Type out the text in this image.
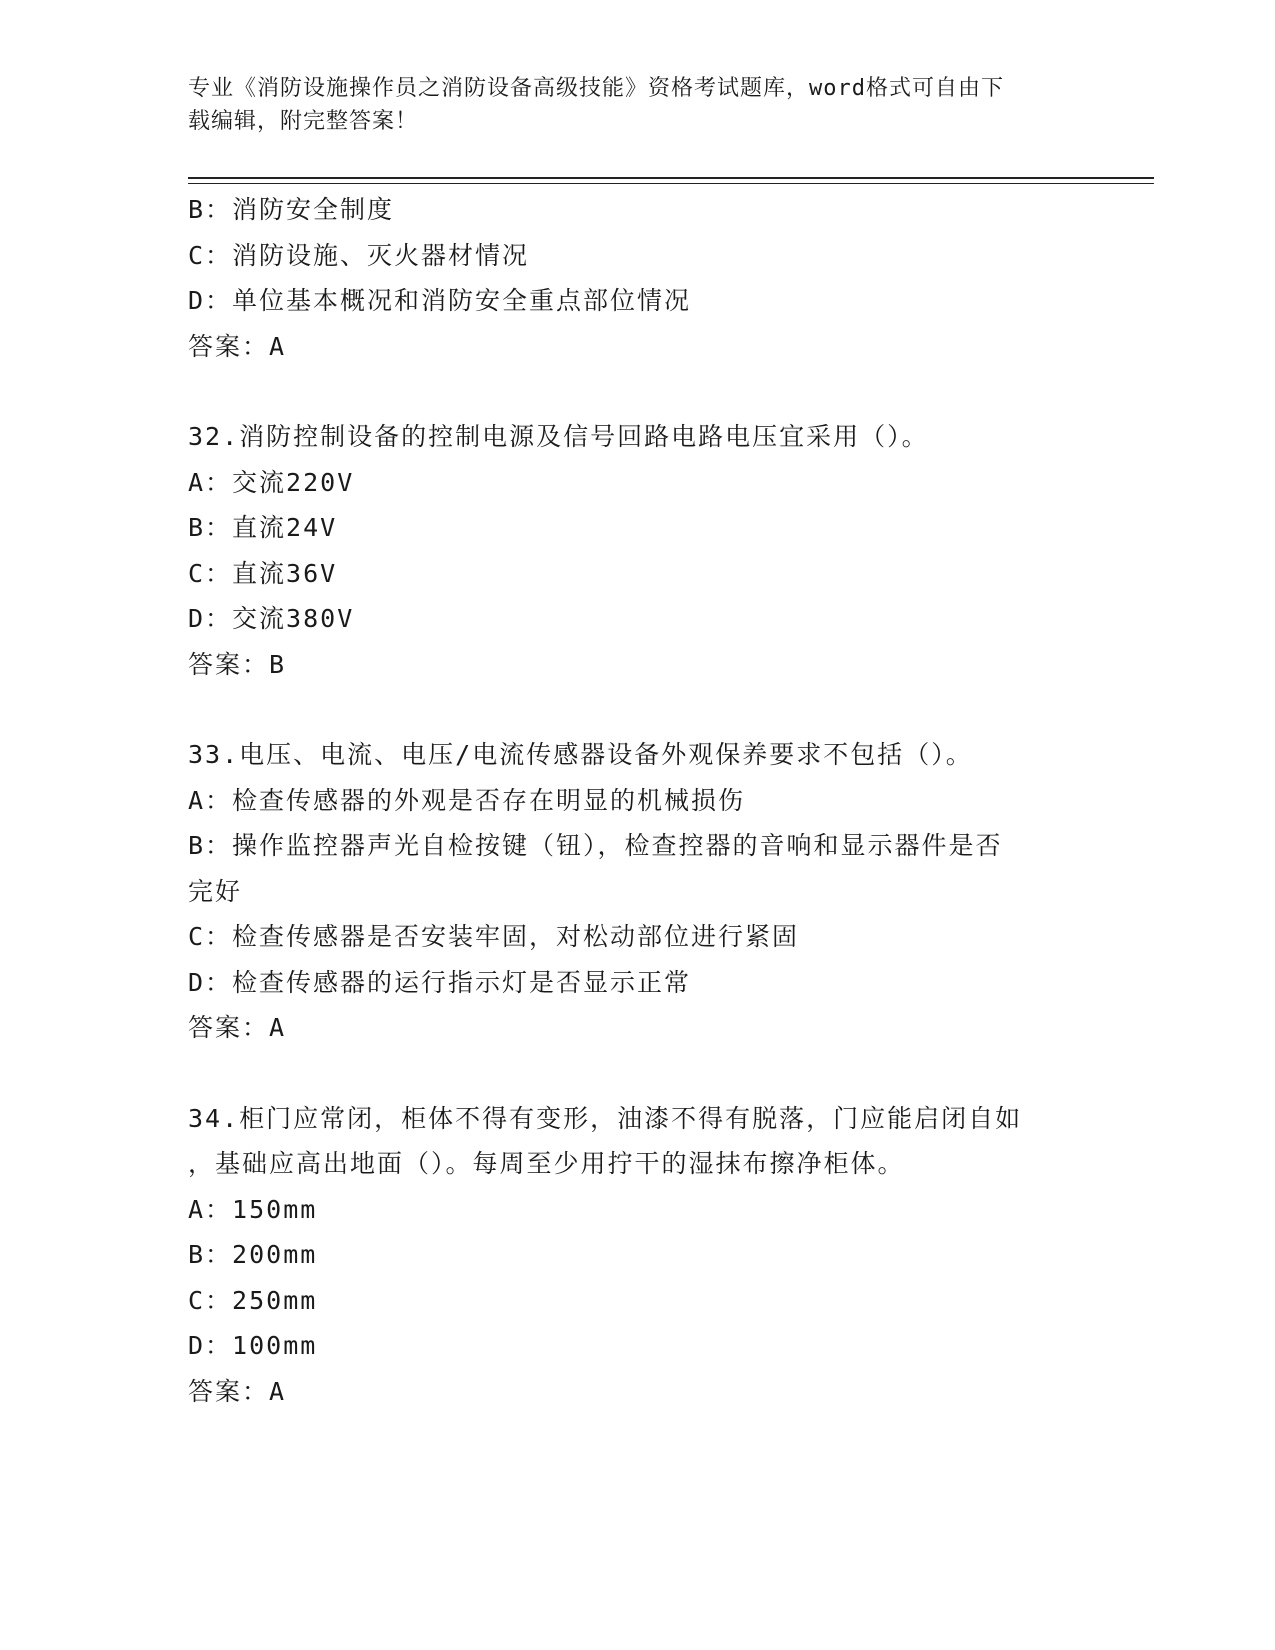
专业《消防设施操作员之消防设备高级技能》资格考试题库，word格式可自由下
载编辑，附完整答案！

B：消防安全制度

C：消防设施、灭火器材情况

D：单位基本概况和消防安全重点部位情况

答案：A

32.消防控制设备的控制电源及信号回路电路电压宜采用（）。

A：交流220V

B：直流24V

C：直流36V

D：交流380V

答案：B

33.电压、电流、电压/电流传感器设备外观保养要求不包括（）。

A：检查传感器的外观是否存在明显的机械损伤

B：操作监控器声光自检按键（钮），检查控器的音响和显示器件是否

完好

C：检查传感器是否安装牢固，对松动部位进行紧固

D：检查传感器的运行指示灯是否显示正常

答案：A

34.柜门应常闭，柜体不得有变形，油漆不得有脱落，门应能启闭自如

，基础应高出地面（）。每周至少用拧干的湿抹布擦净柜体。

A：150mm

B：200mm

C：250mm

D：100mm

答案：A
